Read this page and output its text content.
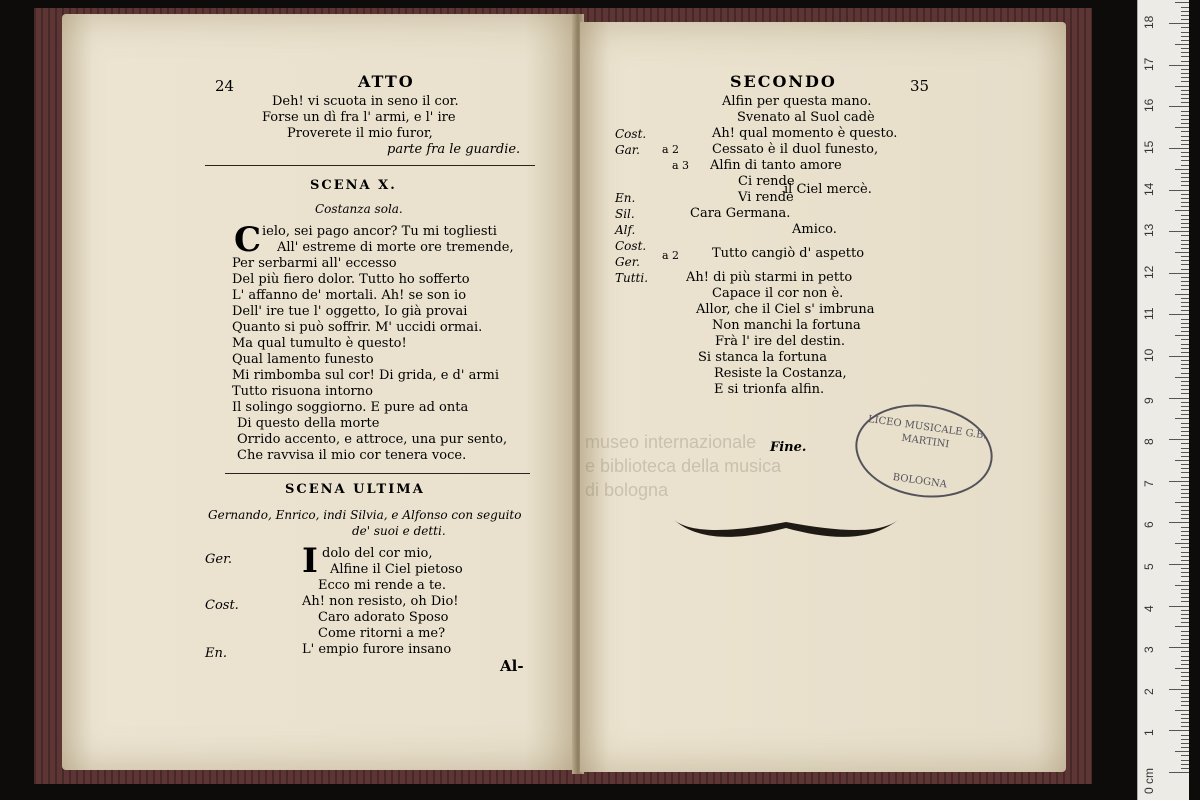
24	ATTO
Deh! vi scuota in seno il cor.
Forse un dì fra l' armi, e l' ire
Proverete il mio furor,
parte fra le guardie.
SCENA X.
Costanza sola.
C ielo, sei pago ancor? Tu mi togliesti
All' estreme di morte ore tremende,
Per serbarmi all' eccesso
Del più fiero dolor. Tutto ho sofferto
L' affanno de' mortali. Ah! se son io
Dell' ire tue l' oggetto, Io già provai
Quanto si può soffrir. M' uccidi ormai.
Ma qual tumulto è questo!
Qual lamento funesto
Mi rimbomba sul cor! Di grida, e d' armi
Tutto risuona intorno
Il solingo soggiorno. E pure ad onta
Di questo della morte
Orrido accento, e attroce, una pur sento,
Che ravvisa il mio cor tenera voce.
SCENA ULTIMA
Gernando, Enrico, indi Silvia, e Alfonso con seguito
de' suoi e detti.
Ger.
Cost.
En.
I dolo del cor mio,
Alfine il Ciel pietoso
Ecco mi rende a te.
Ah! non resisto, oh Dio!
Caro adorato Sposo
Come ritorni a me?
L' empio furore insano
Al-
SECONDO	35
Alfin per questa mano.
Svenato al Suol cadè
Ah! qual momento è questo.
Cessato è il duol funesto,
Alfin di tanto amore
Ci rende
Vi rende
il Ciel mercè.
Cara Germana.
Amico.
Tutto cangiò d' aspetto
Ah! di più starmi in petto
Capace il cor non è.
Allor, che il Ciel s' imbruna
Non manchi la fortuna
Frà l' ire del destin.
Si stanca la fortuna
Resiste la Costanza,
E si trionfa alfin.
Cost.
Gar.
En.
Sil.
Alf.
Cost.
Ger.
Tutti.
a 2
a 3
a 2
Fine.
LICEO MUSICALE G.B. MARTINI
BOLOGNA
museo internazionale
e biblioteca della musica
di bologna
0 cm
1
2
3
4
5
6
7
8
9
10
11
12
13
14
15
16
17
18
